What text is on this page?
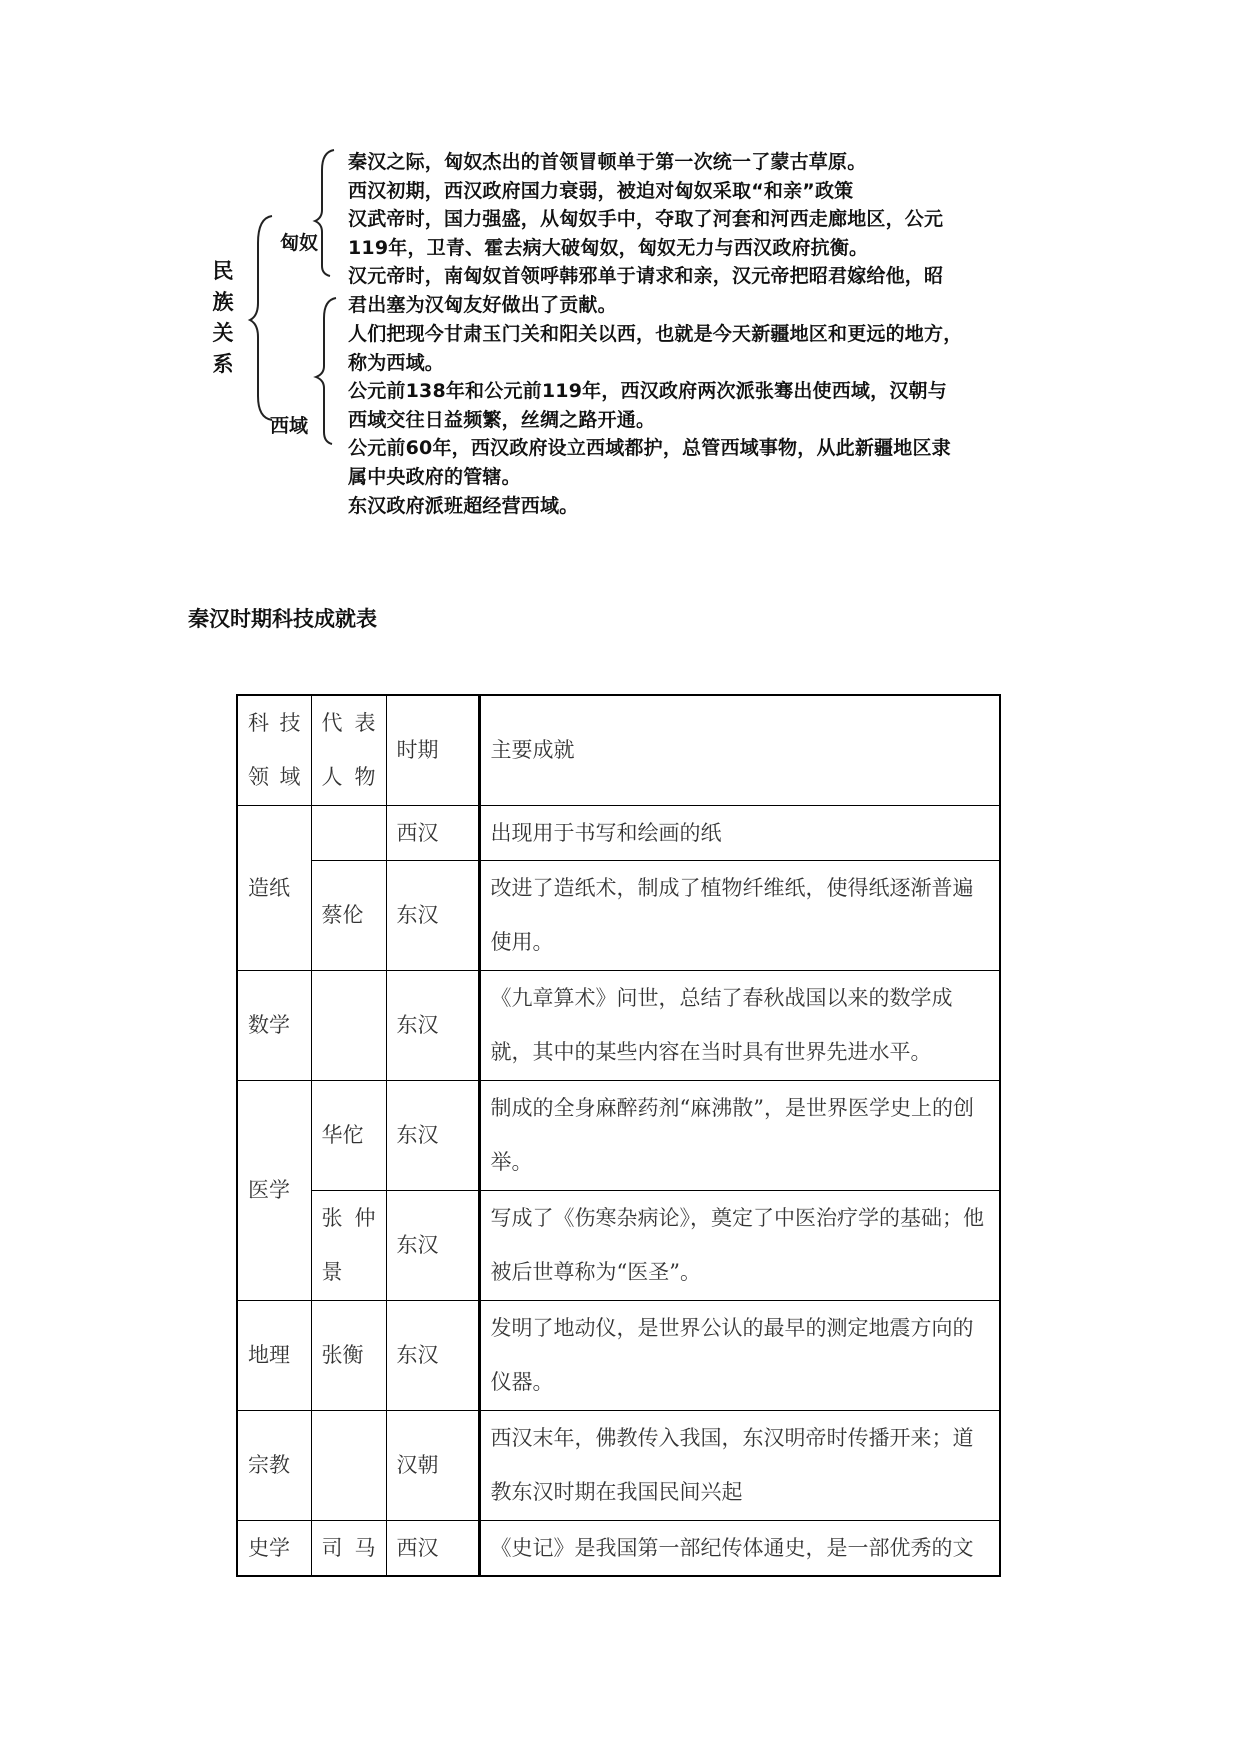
民
族
关
系
匈奴
西域
秦汉之际，匈奴杰出的首领冒顿单于第一次统一了蒙古草原。
西汉初期，西汉政府国力衰弱，被迫对匈奴采取“和亲”政策
汉武帝时，国力强盛，从匈奴手中，夺取了河套和河西走廊地区，公元
119年，卫青、霍去病大破匈奴，匈奴无力与西汉政府抗衡。
汉元帝时，南匈奴首领呼韩邪单于请求和亲，汉元帝把昭君嫁给他，昭
君出塞为汉匈友好做出了贡献。
人们把现今甘肃玉门关和阳关以西，也就是今天新疆地区和更远的地方，
称为西域。
公元前138年和公元前119年，西汉政府两次派张骞出使西域，汉朝与
西域交往日益频繁，丝绸之路开通。
公元前60年，西汉政府设立西域都护，总管西域事物，从此新疆地区隶
属中央政府的管辖。
东汉政府派班超经营西域。
秦汉时期科技成就表
科技领域	代表人物	时期	主要成就
造纸		西汉	出现用于书写和绘画的纸
	蔡伦	东汉	改进了造纸术，制成了植物纤维纸，使得纸逐渐普遍使用。
数学		东汉	《九章算术》问世，总结了春秋战国以来的数学成就，其中的某些内容在当时具有世界先进水平。
医学	华佗	东汉	制成的全身麻醉药剂“麻沸散”，是世界医学史上的创举。

	张仲景	东汉	写成了《伤寒杂病论》，奠定了中医治疗学的基础；他被后世尊称为“医圣”。
地理	张衡	东汉	发明了地动仪，是世界公认的最早的测定地震方向的仪器。
宗教		汉朝	西汉末年，佛教传入我国，东汉明帝时传播开来；道教东汉时期在我国民间兴起
史学	司马	西汉	《史记》是我国第一部纪传体通史，是一部优秀的文
